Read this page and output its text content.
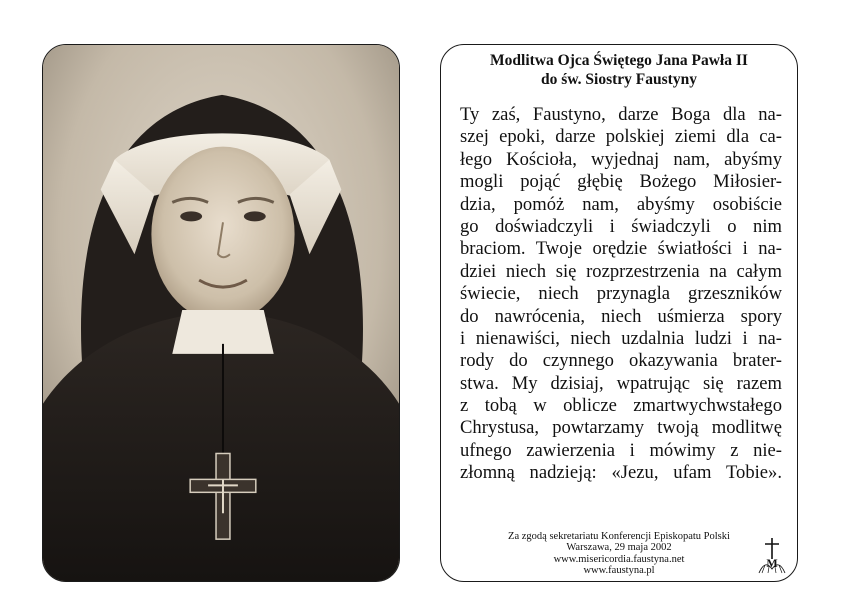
Modlitwa Ojca Świętego Jana Pawła II
do św. Siostry Faustyny
Ty zaś, Faustyno, darze Boga dla na-
szej epoki, darze polskiej ziemi dla ca-
łego Kościoła, wyjednaj nam, abyśmy
mogli pojąć głębię Bożego Miłosier-
dzia, pomóż nam, abyśmy osobiście
go doświadczyli i świadczyli o nim
braciom. Twoje orędzie światłości i na-
dziei niech się rozprzestrzenia na całym
świecie, niech przynagla grzeszników
do nawrócenia, niech uśmierza spory
i nienawiści, niech uzdalnia ludzi i na-
rody do czynnego okazywania brater-
stwa. My dzisiaj, wpatrując się razem
z tobą w oblicze zmartwychwstałego
Chrystusa, powtarzamy twoją modlitwę
ufnego zawierzenia i mówimy z nie-
złomną nadzieją: «Jezu, ufam Tobie».
Za zgodą sekretariatu Konferencji Episkopatu Polski
Warszawa, 29 maja 2002
www.misericordia.faustyna.net
www.faustyna.pl
M
